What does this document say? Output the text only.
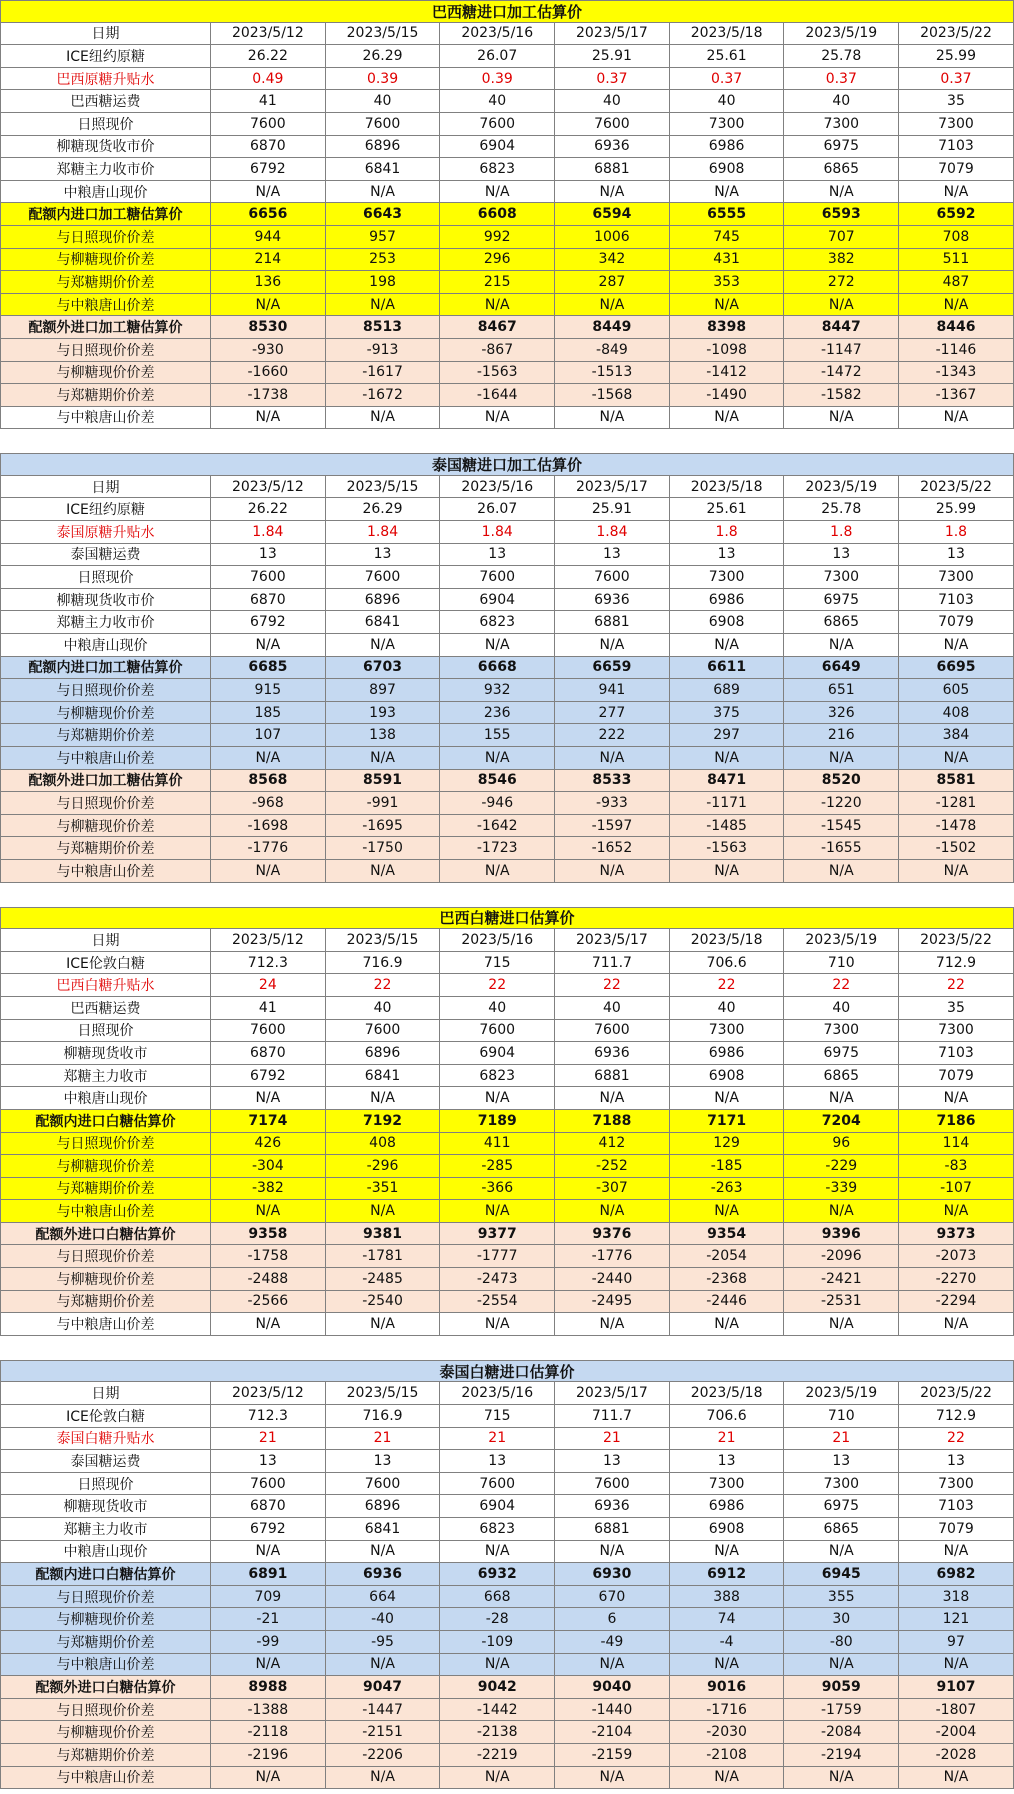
巴西糖进口加工估算价
日期	2023/5/12	2023/5/15	2023/5/16	2023/5/17	2023/5/18	2023/5/19	2023/5/22
ICE纽约原糖	26.22	26.29	26.07	25.91	25.61	25.78	25.99
巴西原糖升贴水	0.49	0.39	0.39	0.37	0.37	0.37	0.37
巴西糖运费	41	40	40	40	40	40	35
日照现价	7600	7600	7600	7600	7300	7300	7300
柳糖现货收市价	6870	6896	6904	6936	6986	6975	7103
郑糖主力收市价	6792	6841	6823	6881	6908	6865	7079
中粮唐山现价	N/A	N/A	N/A	N/A	N/A	N/A	N/A
配额内进口加工糖估算价	6656	6643	6608	6594	6555	6593	6592
与日照现价价差	944	957	992	1006	745	707	708
与柳糖现价价差	214	253	296	342	431	382	511
与郑糖期价价差	136	198	215	287	353	272	487
与中粮唐山价差	N/A	N/A	N/A	N/A	N/A	N/A	N/A
配额外进口加工糖估算价	8530	8513	8467	8449	8398	8447	8446
与日照现价价差	-930	-913	-867	-849	-1098	-1147	-1146
与柳糖现价价差	-1660	-1617	-1563	-1513	-1412	-1472	-1343
与郑糖期价价差	-1738	-1672	-1644	-1568	-1490	-1582	-1367
与中粮唐山价差	N/A	N/A	N/A	N/A	N/A	N/A	N/A
泰国糖进口加工估算价
日期	2023/5/12	2023/5/15	2023/5/16	2023/5/17	2023/5/18	2023/5/19	2023/5/22
ICE纽约原糖	26.22	26.29	26.07	25.91	25.61	25.78	25.99
泰国原糖升贴水	1.84	1.84	1.84	1.84	1.8	1.8	1.8
泰国糖运费	13	13	13	13	13	13	13
日照现价	7600	7600	7600	7600	7300	7300	7300
柳糖现货收市价	6870	6896	6904	6936	6986	6975	7103
郑糖主力收市价	6792	6841	6823	6881	6908	6865	7079
中粮唐山现价	N/A	N/A	N/A	N/A	N/A	N/A	N/A
配额内进口加工糖估算价	6685	6703	6668	6659	6611	6649	6695
与日照现价价差	915	897	932	941	689	651	605
与柳糖现价价差	185	193	236	277	375	326	408
与郑糖期价价差	107	138	155	222	297	216	384
与中粮唐山价差	N/A	N/A	N/A	N/A	N/A	N/A	N/A
配额外进口加工糖估算价	8568	8591	8546	8533	8471	8520	8581
与日照现价价差	-968	-991	-946	-933	-1171	-1220	-1281
与柳糖现价价差	-1698	-1695	-1642	-1597	-1485	-1545	-1478
与郑糖期价价差	-1776	-1750	-1723	-1652	-1563	-1655	-1502
与中粮唐山价差	N/A	N/A	N/A	N/A	N/A	N/A	N/A
巴西白糖进口估算价
日期	2023/5/12	2023/5/15	2023/5/16	2023/5/17	2023/5/18	2023/5/19	2023/5/22
ICE伦敦白糖	712.3	716.9	715	711.7	706.6	710	712.9
巴西白糖升贴水	24	22	22	22	22	22	22
巴西糖运费	41	40	40	40	40	40	35
日照现价	7600	7600	7600	7600	7300	7300	7300
柳糖现货收市	6870	6896	6904	6936	6986	6975	7103
郑糖主力收市	6792	6841	6823	6881	6908	6865	7079
中粮唐山现价	N/A	N/A	N/A	N/A	N/A	N/A	N/A
配额内进口白糖估算价	7174	7192	7189	7188	7171	7204	7186
与日照现价价差	426	408	411	412	129	96	114
与柳糖现价价差	-304	-296	-285	-252	-185	-229	-83
与郑糖期价价差	-382	-351	-366	-307	-263	-339	-107
与中粮唐山价差	N/A	N/A	N/A	N/A	N/A	N/A	N/A
配额外进口白糖估算价	9358	9381	9377	9376	9354	9396	9373
与日照现价价差	-1758	-1781	-1777	-1776	-2054	-2096	-2073
与柳糖现价价差	-2488	-2485	-2473	-2440	-2368	-2421	-2270
与郑糖期价价差	-2566	-2540	-2554	-2495	-2446	-2531	-2294
与中粮唐山价差	N/A	N/A	N/A	N/A	N/A	N/A	N/A
泰国白糖进口估算价
日期	2023/5/12	2023/5/15	2023/5/16	2023/5/17	2023/5/18	2023/5/19	2023/5/22
ICE伦敦白糖	712.3	716.9	715	711.7	706.6	710	712.9
泰国白糖升贴水	21	21	21	21	21	21	22
泰国糖运费	13	13	13	13	13	13	13
日照现价	7600	7600	7600	7600	7300	7300	7300
柳糖现货收市	6870	6896	6904	6936	6986	6975	7103
郑糖主力收市	6792	6841	6823	6881	6908	6865	7079
中粮唐山现价	N/A	N/A	N/A	N/A	N/A	N/A	N/A
配额内进口白糖估算价	6891	6936	6932	6930	6912	6945	6982
与日照现价价差	709	664	668	670	388	355	318
与柳糖现价价差	-21	-40	-28	6	74	30	121
与郑糖期价价差	-99	-95	-109	-49	-4	-80	97
与中粮唐山价差	N/A	N/A	N/A	N/A	N/A	N/A	N/A
配额外进口白糖估算价	8988	9047	9042	9040	9016	9059	9107
与日照现价价差	-1388	-1447	-1442	-1440	-1716	-1759	-1807
与柳糖现价价差	-2118	-2151	-2138	-2104	-2030	-2084	-2004
与郑糖期价价差	-2196	-2206	-2219	-2159	-2108	-2194	-2028
与中粮唐山价差	N/A	N/A	N/A	N/A	N/A	N/A	N/A
